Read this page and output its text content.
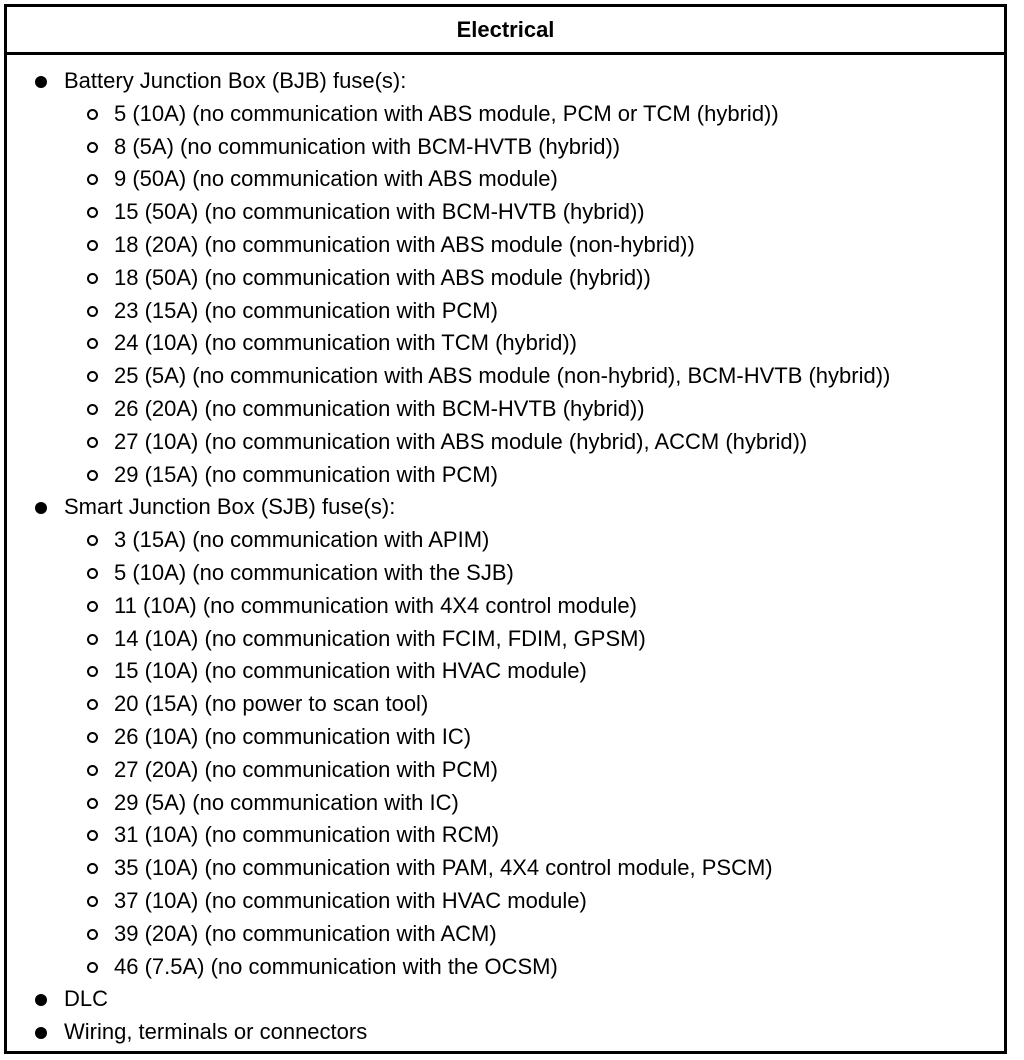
Electrical
Battery Junction Box (BJB) fuse(s):
5 (10A) (no communication with ABS module, PCM or TCM (hybrid))
8 (5A) (no communication with BCM-HVTB (hybrid))
9 (50A) (no communication with ABS module)
15 (50A) (no communication with BCM-HVTB (hybrid))
18 (20A) (no communication with ABS module (non-hybrid))
18 (50A) (no communication with ABS module (hybrid))
23 (15A) (no communication with PCM)
24 (10A) (no communication with TCM (hybrid))
25 (5A) (no communication with ABS module (non-hybrid), BCM-HVTB (hybrid))
26 (20A) (no communication with BCM-HVTB (hybrid))
27 (10A) (no communication with ABS module (hybrid), ACCM (hybrid))
29 (15A) (no communication with PCM)
Smart Junction Box (SJB) fuse(s):
3 (15A) (no communication with APIM)
5 (10A) (no communication with the SJB)
11 (10A) (no communication with 4X4 control module)
14 (10A) (no communication with FCIM, FDIM, GPSM)
15 (10A) (no communication with HVAC module)
20 (15A) (no power to scan tool)
26 (10A) (no communication with IC)
27 (20A) (no communication with PCM)
29 (5A) (no communication with IC)
31 (10A) (no communication with RCM)
35 (10A) (no communication with PAM, 4X4 control module, PSCM)
37 (10A) (no communication with HVAC module)
39 (20A) (no communication with ACM)
46 (7.5A) (no communication with the OCSM)
DLC
Wiring, terminals or connectors
